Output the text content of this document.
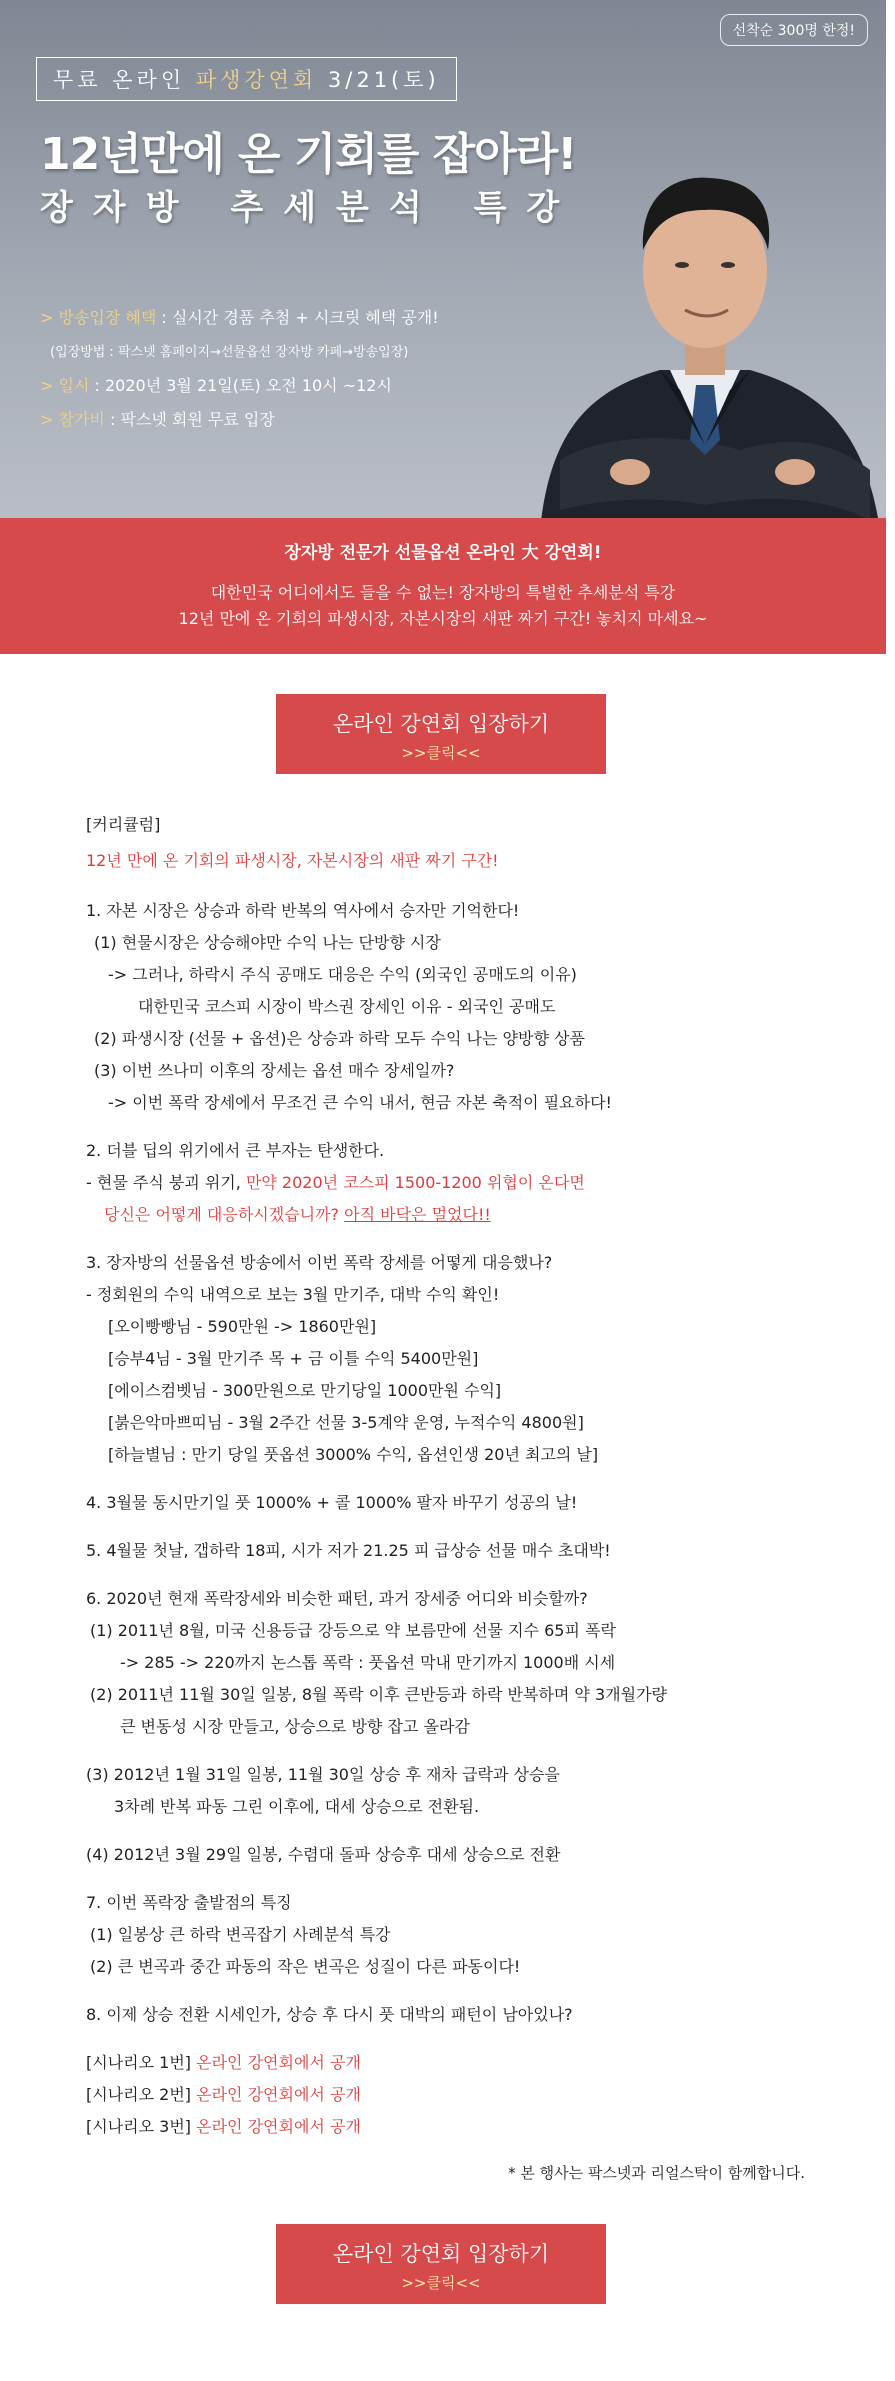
선착순 300명 한정!
무료 온라인 파생강연회 3/21(토)
12년만에 온 기회를 잡아라!
장자방 추세분석 특강
> 방송입장 혜택 : 실시간 경품 추첨 + 시크릿 혜택 공개!
(입장방법 : 팍스넷 홈페이지→선물옵션 장자방 카페→방송입장)
> 일시 : 2020년 3월 21일(토) 오전 10시 ~12시
> 참가비 : 팍스넷 회원 무료 입장
장자방 전문가 선물옵션 온라인 大 강연회!
대한민국 어디에서도 들을 수 없는! 장자방의 특별한 추세분석 특강
12년 만에 온 기회의 파생시장, 자본시장의 새판 짜기 구간! 놓치지 마세요~
온라인 강연회 입장하기
>>클릭<<
[커리큘럼]
12년 만에 온 기회의 파생시장, 자본시장의 새판 짜기 구간!
1. 자본 시장은 상승과 하락 반복의 역사에서 승자만 기억한다!
(1) 현물시장은 상승해야만 수익 나는 단방향 시장
-> 그러나, 하락시 주식 공매도 대응은 수익 (외국인 공매도의 이유)
대한민국 코스피 시장이 박스권 장세인 이유 - 외국인 공매도
(2) 파생시장 (선물 + 옵션)은 상승과 하락 모두 수익 나는 양방향 상품
(3) 이번 쓰나미 이후의 장세는 옵션 매수 장세일까?
-> 이번 폭락 장세에서 무조건 큰 수익 내서, 현금 자본 축적이 필요하다!
2. 더블 딥의 위기에서 큰 부자는 탄생한다.
- 현물 주식 붕괴 위기, 만약 2020년 코스피 1500-1200 위협이 온다면
당신은 어떻게 대응하시겠습니까? 아직 바닥은 멀었다!!
3. 장자방의 선물옵션 방송에서 이번 폭락 장세를 어떻게 대응했나?
- 정회원의 수익 내역으로 보는 3월 만기주, 대박 수익 확인!
[오이빵빵님 - 590만원 -> 1860만원]
[승부4님 - 3월 만기주 목 + 금 이틀 수익 5400만원]
[에이스컴벳님 - 300만원으로 만기당일 1000만원 수익]
[붉은악마쁘띠님 - 3월 2주간 선물 3-5계약 운영, 누적수익 4800원]
[하늘별님 : 만기 당일 풋옵션 3000% 수익, 옵션인생 20년 최고의 날]
4. 3월물 동시만기일 풋 1000% + 콜 1000% 팔자 바꾸기 성공의 날!
5. 4월물 첫날, 갭하락 18피, 시가 저가 21.25 피 급상승 선물 매수 초대박!
6. 2020년 현재 폭락장세와 비슷한 패턴, 과거 장세중 어디와 비슷할까?
(1) 2011년 8월, 미국 신용등급 강등으로 약 보름만에 선물 지수 65피 폭락
-> 285 -> 220까지 논스톱 폭락 : 풋옵션 막내 만기까지 1000배 시세
(2) 2011년 11월 30일 일봉, 8월 폭락 이후 큰반등과 하락 반복하며 약 3개월가량
큰 변동성 시장 만들고, 상승으로 방향 잡고 올라감
(3) 2012년 1월 31일 일봉, 11월 30일 상승 후 재차 급락과 상승을
3차례 반복 파동 그린 이후에, 대세 상승으로 전환됨.
(4) 2012년 3월 29일 일봉, 수렴대 돌파 상승후 대세 상승으로 전환
7. 이번 폭락장 출발점의 특징
(1) 일봉상 큰 하락 변곡잡기 사례분석 특강
(2) 큰 변곡과 중간 파동의 작은 변곡은 성질이 다른 파동이다!
8. 이제 상승 전환 시세인가, 상승 후 다시 풋 대박의 패턴이 남아있나?
[시나리오 1번] 온라인 강연회에서 공개
[시나리오 2번] 온라인 강연회에서 공개
[시나리오 3번] 온라인 강연회에서 공개
* 본 행사는 팍스넷과 리얼스탁이 함께합니다.
온라인 강연회 입장하기
>>클릭<<
